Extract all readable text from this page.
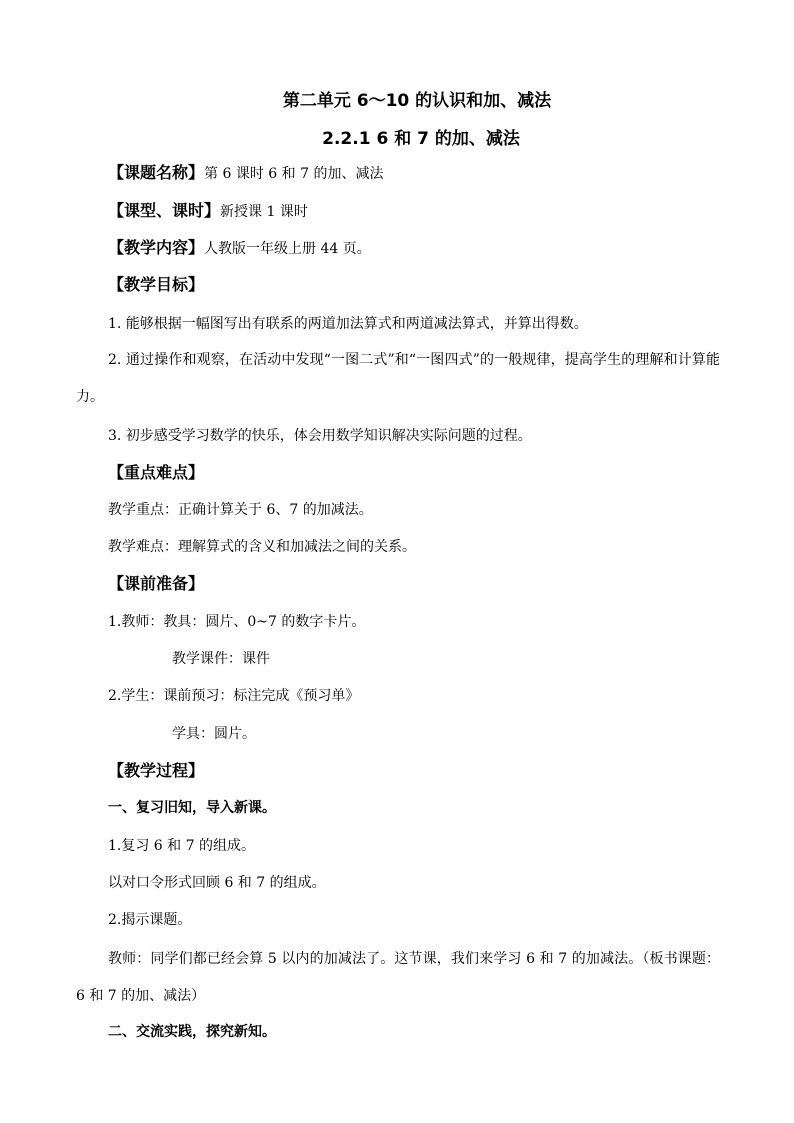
第二单元 6～10 的认识和加、减法
2.2.1 6 和 7 的加、减法
【课题名称】第 6 课时 6 和 7 的加、减法
【课型、课时】新授课 1 课时
【教学内容】人教版一年级上册 44 页。
【教学目标】
1. 能够根据一幅图写出有联系的两道加法算式和两道减法算式，并算出得数。
2. 通过操作和观察，在活动中发现“一图二式”和“一图四式”的一般规律，提高学生的理解和计算能力。
3. 初步感受学习数学的快乐，体会用数学知识解决实际问题的过程。
【重点难点】
教学重点：正确计算关于 6、7 的加减法。
教学难点：理解算式的含义和加减法之间的关系。
【课前准备】
1.教师：教具：圆片、0~7 的数字卡片。
教学课件：课件
2.学生：课前预习：标注完成《预习单》
学具：圆片。
【教学过程】
一、复习旧知，导入新课。
1.复习 6 和 7 的组成。
以对口令形式回顾 6 和 7 的组成。
2.揭示课题。
教师：同学们都已经会算 5 以内的加减法了。这节课，我们来学习 6 和 7 的加减法。（板书课题：6 和 7 的加、减法）
二、交流实践，探究新知。
